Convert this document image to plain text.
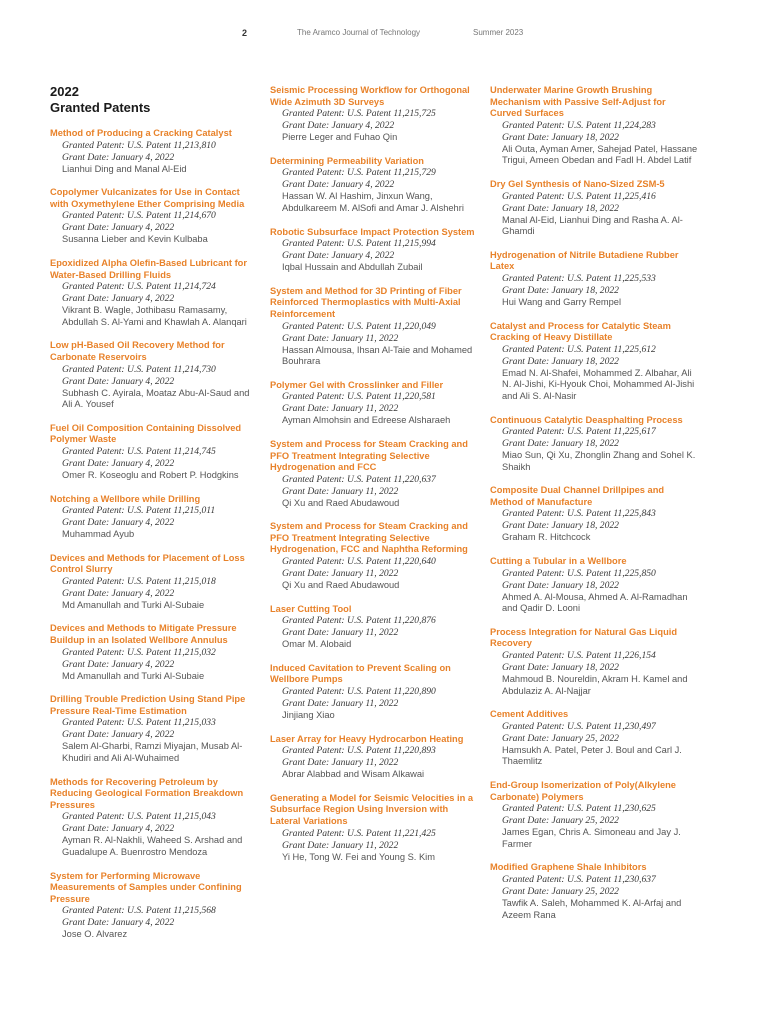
2	The Aramco Journal of Technology	Summer 2023
2022
Granted Patents
Method of Producing a Cracking Catalyst
Granted Patent: U.S. Patent 11,213,810
Grant Date: January 4, 2022
Lianhui Ding and Manal Al-Eid
Copolymer Vulcanizates for Use in Contact with Oxymethylene Ether Comprising Media
Granted Patent: U.S. Patent 11,214,670
Grant Date: January 4, 2022
Susanna Lieber and Kevin Kulbaba
Epoxidized Alpha Olefin-Based Lubricant for Water-Based Drilling Fluids
Granted Patent: U.S. Patent 11,214,724
Grant Date: January 4, 2022
Vikrant B. Wagle, Jothibasu Ramasamy, Abdullah S. Al-Yami and Khawlah A. Alanqari
Low pH-Based Oil Recovery Method for Carbonate Reservoirs
Granted Patent: U.S. Patent 11,214,730
Grant Date: January 4, 2022
Subhash C. Ayirala, Moataz Abu-Al-Saud and Ali A. Yousef
Fuel Oil Composition Containing Dissolved Polymer Waste
Granted Patent: U.S. Patent 11,214,745
Grant Date: January 4, 2022
Omer R. Koseoglu and Robert P. Hodgkins
Notching a Wellbore while Drilling
Granted Patent: U.S. Patent 11,215,011
Grant Date: January 4, 2022
Muhammad Ayub
Devices and Methods for Placement of Loss Control Slurry
Granted Patent: U.S. Patent 11,215,018
Grant Date: January 4, 2022
Md Amanullah and Turki Al-Subaie
Devices and Methods to Mitigate Pressure Buildup in an Isolated Wellbore Annulus
Granted Patent: U.S. Patent 11,215,032
Grant Date: January 4, 2022
Md Amanullah and Turki Al-Subaie
Drilling Trouble Prediction Using Stand Pipe Pressure Real-Time Estimation
Granted Patent: U.S. Patent 11,215,033
Grant Date: January 4, 2022
Salem Al-Gharbi, Ramzi Miyajan, Musab Al-Khudiri and Ali Al-Wuhaimed
Methods for Recovering Petroleum by Reducing Geological Formation Breakdown Pressures
Granted Patent: U.S. Patent 11,215,043
Grant Date: January 4, 2022
Ayman R. Al-Nakhli, Waheed S. Arshad and Guadalupe A. Buenrostro Mendoza
System for Performing Microwave Measurements of Samples under Confining Pressure
Granted Patent: U.S. Patent 11,215,568
Grant Date: January 4, 2022
Jose O. Alvarez
Seismic Processing Workflow for Orthogonal Wide Azimuth 3D Surveys
Granted Patent: U.S. Patent 11,215,725
Grant Date: January 4, 2022
Pierre Leger and Fuhao Qin
Determining Permeability Variation
Granted Patent: U.S. Patent 11,215,729
Grant Date: January 4, 2022
Hassan W. Al Hashim, Jinxun Wang, Abdulkareem M. AlSofi and Amar J. Alshehri
Robotic Subsurface Impact Protection System
Granted Patent: U.S. Patent 11,215,994
Grant Date: January 4, 2022
Iqbal Hussain and Abdullah Zubail
System and Method for 3D Printing of Fiber Reinforced Thermoplastics with Multi-Axial Reinforcement
Granted Patent: U.S. Patent 11,220,049
Grant Date: January 11, 2022
Hassan Almousa, Ihsan Al-Taie and Mohamed Bouhrara
Polymer Gel with Crosslinker and Filler
Granted Patent: U.S. Patent 11,220,581
Grant Date: January 11, 2022
Ayman Almohsin and Edreese Alsharaeh
System and Process for Steam Cracking and PFO Treatment Integrating Selective Hydrogenation and FCC
Granted Patent: U.S. Patent 11,220,637
Grant Date: January 11, 2022
Qi Xu and Raed Abudawoud
System and Process for Steam Cracking and PFO Treatment Integrating Selective Hydrogenation, FCC and Naphtha Reforming
Granted Patent: U.S. Patent 11,220,640
Grant Date: January 11, 2022
Qi Xu and Raed Abudawoud
Laser Cutting Tool
Granted Patent: U.S. Patent 11,220,876
Grant Date: January 11, 2022
Omar M. Alobaid
Induced Cavitation to Prevent Scaling on Wellbore Pumps
Granted Patent: U.S. Patent 11,220,890
Grant Date: January 11, 2022
Jinjiang Xiao
Laser Array for Heavy Hydrocarbon Heating
Granted Patent: U.S. Patent 11,220,893
Grant Date: January 11, 2022
Abrar Alabbad and Wisam Alkawai
Generating a Model for Seismic Velocities in a Subsurface Region Using Inversion with Lateral Variations
Granted Patent: U.S. Patent 11,221,425
Grant Date: January 11, 2022
Yi He, Tong W. Fei and Young S. Kim
Underwater Marine Growth Brushing Mechanism with Passive Self-Adjust for Curved Surfaces
Granted Patent: U.S. Patent 11,224,283
Grant Date: January 18, 2022
Ali Outa, Ayman Amer, Sahejad Patel, Hassane Trigui, Ameen Obedan and Fadl H. Abdel Latif
Dry Gel Synthesis of Nano-Sized ZSM-5
Granted Patent: U.S. Patent 11,225,416
Grant Date: January 18, 2022
Manal Al-Eid, Lianhui Ding and Rasha A. Al-Ghamdi
Hydrogenation of Nitrile Butadiene Rubber Latex
Granted Patent: U.S. Patent 11,225,533
Grant Date: January 18, 2022
Hui Wang and Garry Rempel
Catalyst and Process for Catalytic Steam Cracking of Heavy Distillate
Granted Patent: U.S. Patent 11,225,612
Grant Date: January 18, 2022
Emad N. Al-Shafei, Mohammed Z. Albahar, Ali N. Al-Jishi, Ki-Hyouk Choi, Mohammed Al-Jishi and Ali S. Al-Nasir
Continuous Catalytic Deasphalting Process
Granted Patent: U.S. Patent 11,225,617
Grant Date: January 18, 2022
Miao Sun, Qi Xu, Zhonglin Zhang and Sohel K. Shaikh
Composite Dual Channel Drillpipes and Method of Manufacture
Granted Patent: U.S. Patent 11,225,843
Grant Date: January 18, 2022
Graham R. Hitchcock
Cutting a Tubular in a Wellbore
Granted Patent: U.S. Patent 11,225,850
Grant Date: January 18, 2022
Ahmed A. Al-Mousa, Ahmed A. Al-Ramadhan and Qadir D. Looni
Process Integration for Natural Gas Liquid Recovery
Granted Patent: U.S. Patent 11,226,154
Grant Date: January 18, 2022
Mahmoud B. Noureldin, Akram H. Kamel and Abdulaziz A. Al-Najjar
Cement Additives
Granted Patent: U.S. Patent 11,230,497
Grant Date: January 25, 2022
Hamsukh A. Patel, Peter J. Boul and Carl J. Thaemlitz
End-Group Isomerization of Poly(Alkylene Carbonate) Polymers
Granted Patent: U.S. Patent 11,230,625
Grant Date: January 25, 2022
James Egan, Chris A. Simoneau and Jay J. Farmer
Modified Graphene Shale Inhibitors
Granted Patent: U.S. Patent 11,230,637
Grant Date: January 25, 2022
Tawfik A. Saleh, Mohammed K. Al-Arfaj and Azeem Rana
